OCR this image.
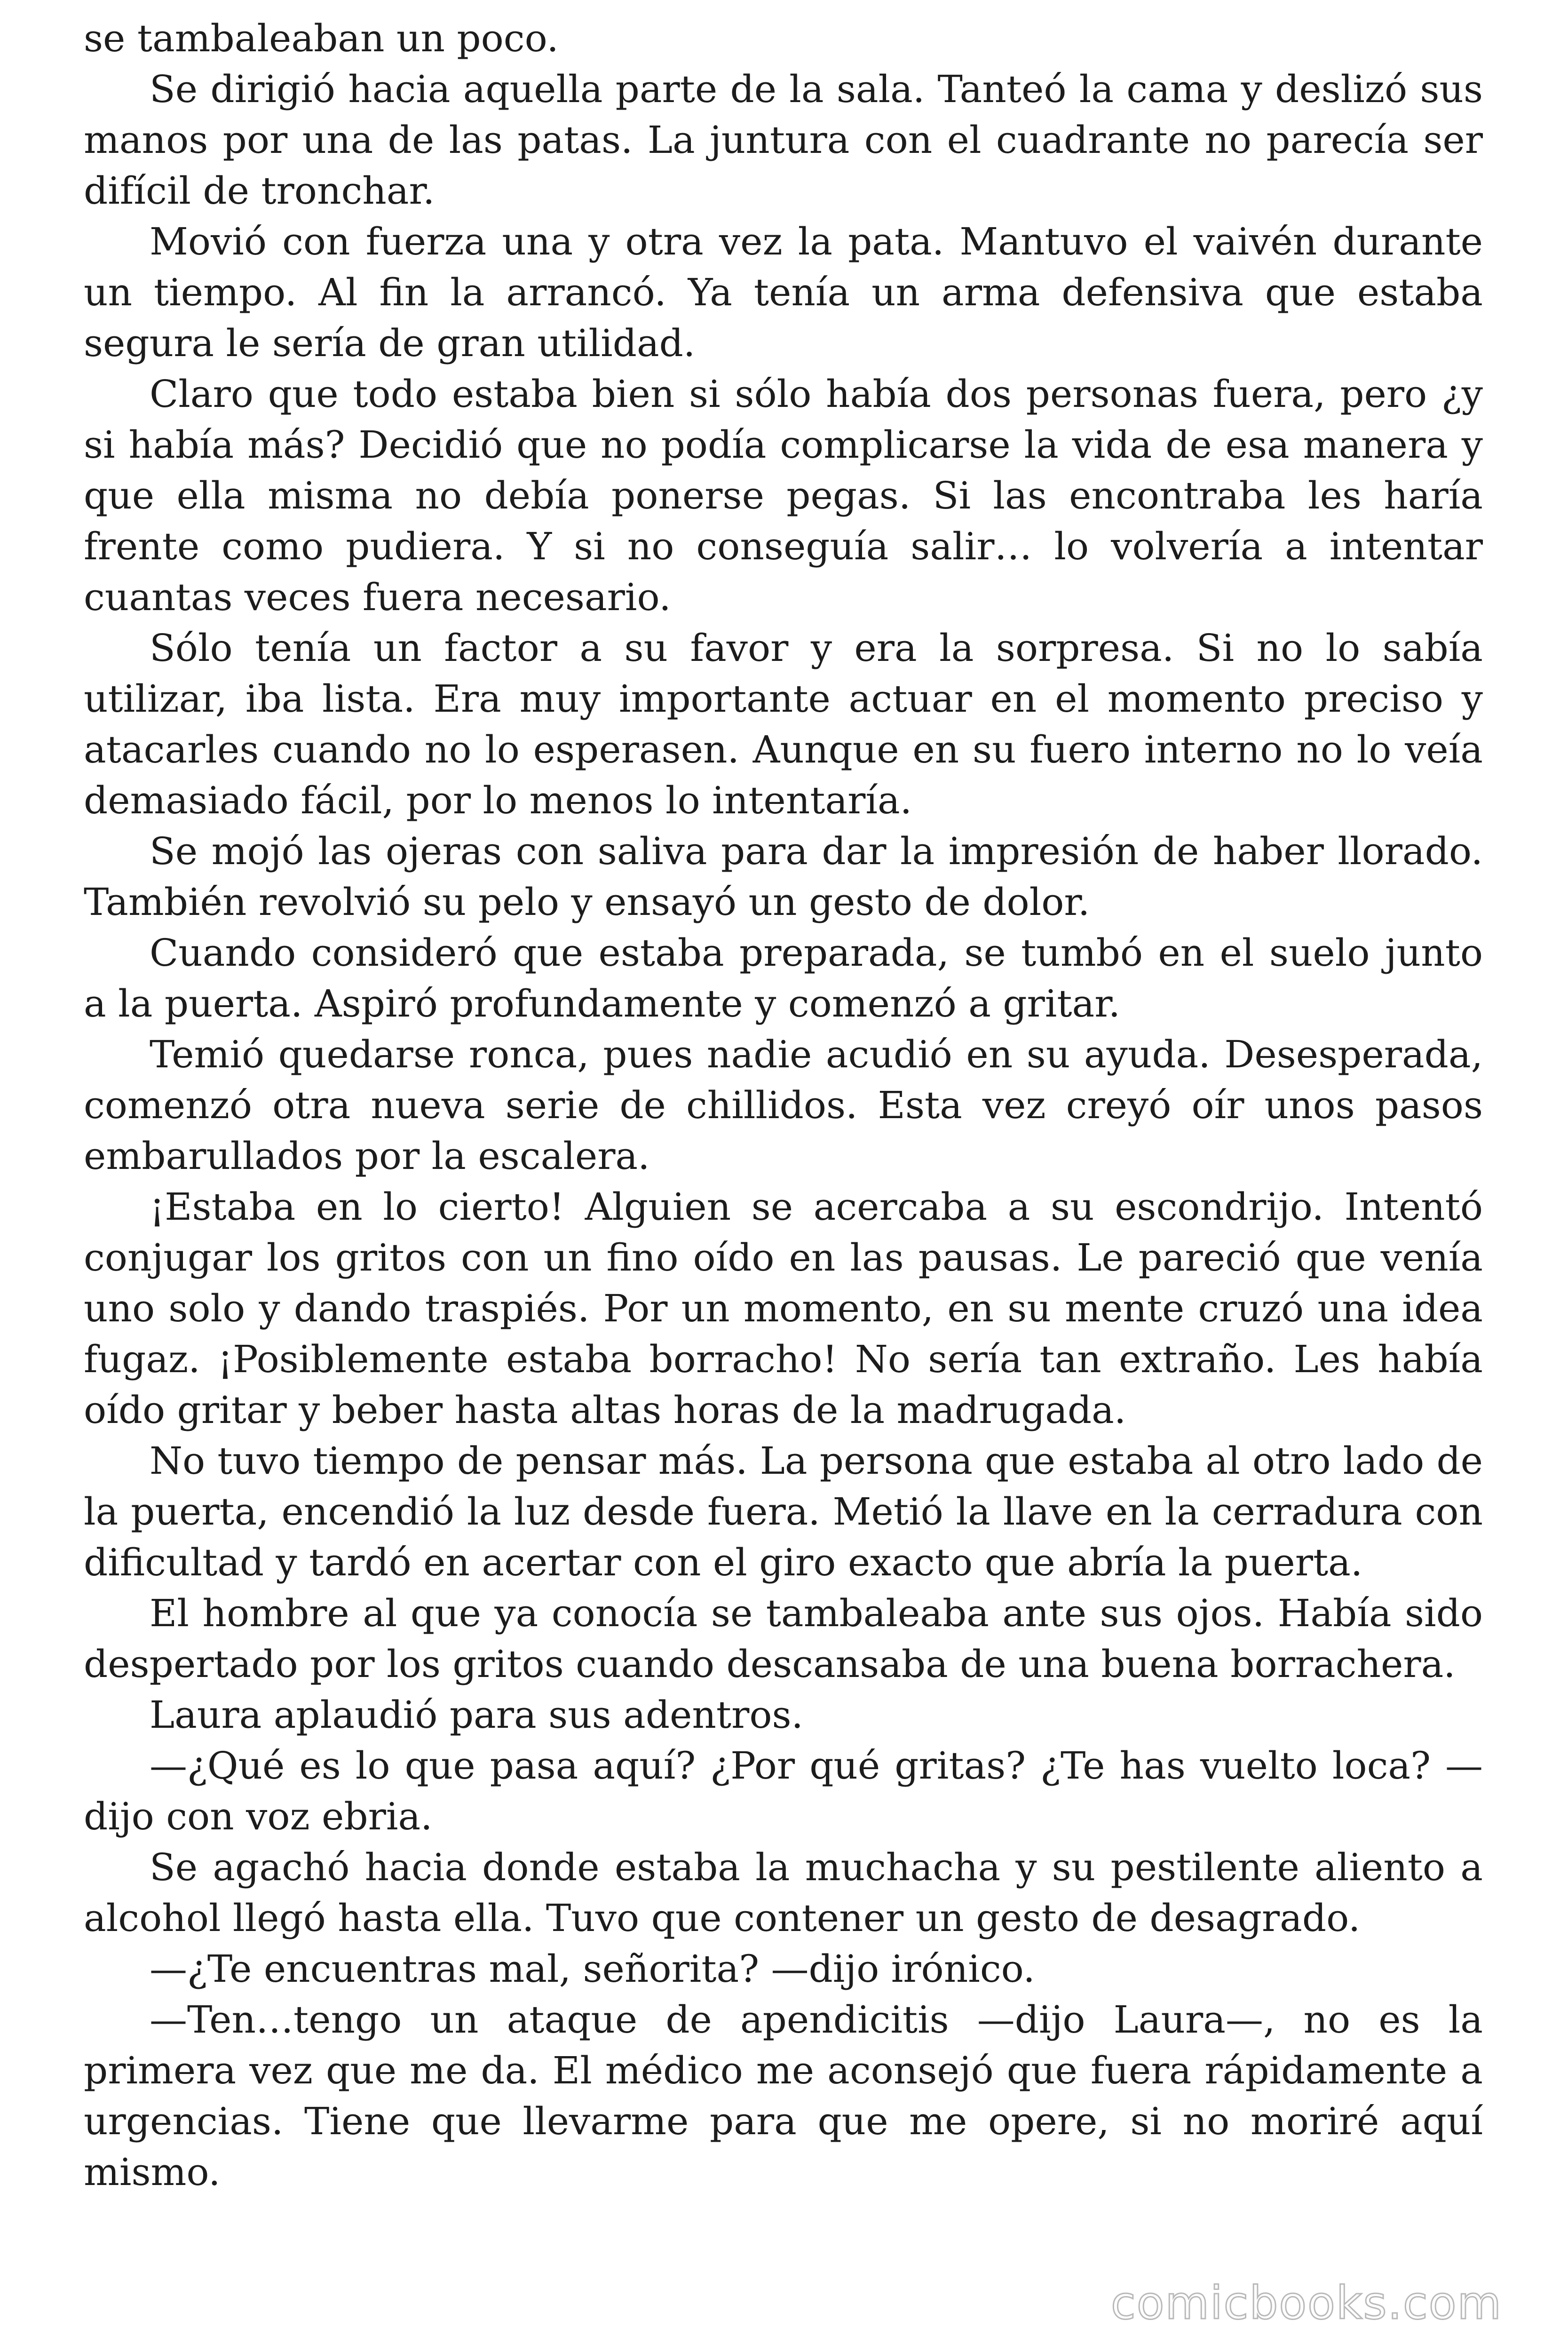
se tambaleaban un poco.

Se dirigió hacia aquella parte de la sala. Tanteó la cama y deslizó sus manos por una de las patas. La juntura con el cuadrante no parecía ser difícil de tronchar.

Movió con fuerza una y otra vez la pata. Mantuvo el vaivén durante un tiempo. Al fin la arrancó. Ya tenía un arma defensiva que estaba segura le sería de gran utilidad.

Claro que todo estaba bien si sólo había dos personas fuera, pero ¿y si había más? Decidió que no podía complicarse la vida de esa manera y que ella misma no debía ponerse pegas. Si las encontraba les haría frente como pudiera. Y si no conseguía salir… lo volvería a intentar cuantas veces fuera necesario.

Sólo tenía un factor a su favor y era la sorpresa. Si no lo sabía utilizar, iba lista. Era muy importante actuar en el momento preciso y atacarles cuando no lo esperasen. Aunque en su fuero interno no lo veía demasiado fácil, por lo menos lo intentaría.

Se mojó las ojeras con saliva para dar la impresión de haber llorado. También revolvió su pelo y ensayó un gesto de dolor.

Cuando consideró que estaba preparada, se tumbó en el suelo junto a la puerta. Aspiró profundamente y comenzó a gritar.

Temió quedarse ronca, pues nadie acudió en su ayuda. Desesperada, comenzó otra nueva serie de chillidos. Esta vez creyó oír unos pasos embarullados por la escalera.

¡Estaba en lo cierto! Alguien se acercaba a su escondrijo. Intentó conjugar los gritos con un fino oído en las pausas. Le pareció que venía uno solo y dando traspiés. Por un momento, en su mente cruzó una idea fugaz. ¡Posiblemente estaba borracho! No sería tan extraño. Les había oído gritar y beber hasta altas horas de la madrugada.

No tuvo tiempo de pensar más. La persona que estaba al otro lado de la puerta, encendió la luz desde fuera. Metió la llave en la cerradura con dificultad y tardó en acertar con el giro exacto que abría la puerta.

El hombre al que ya conocía se tambaleaba ante sus ojos. Había sido despertado por los gritos cuando descansaba de una buena borrachera.

Laura aplaudió para sus adentros.

—¿Qué es lo que pasa aquí? ¿Por qué gritas? ¿Te has vuelto loca? —dijo con voz ebria.

Se agachó hacia donde estaba la muchacha y su pestilente aliento a alcohol llegó hasta ella. Tuvo que contener un gesto de desagrado.

—¿Te encuentras mal, señorita? —dijo irónico.

—Ten…tengo un ataque de apendicitis —dijo Laura—, no es la primera vez que me da. El médico me aconsejó que fuera rápidamente a urgencias. Tiene que llevarme para que me opere, si no moriré aquí mismo.

comicbooks.com
